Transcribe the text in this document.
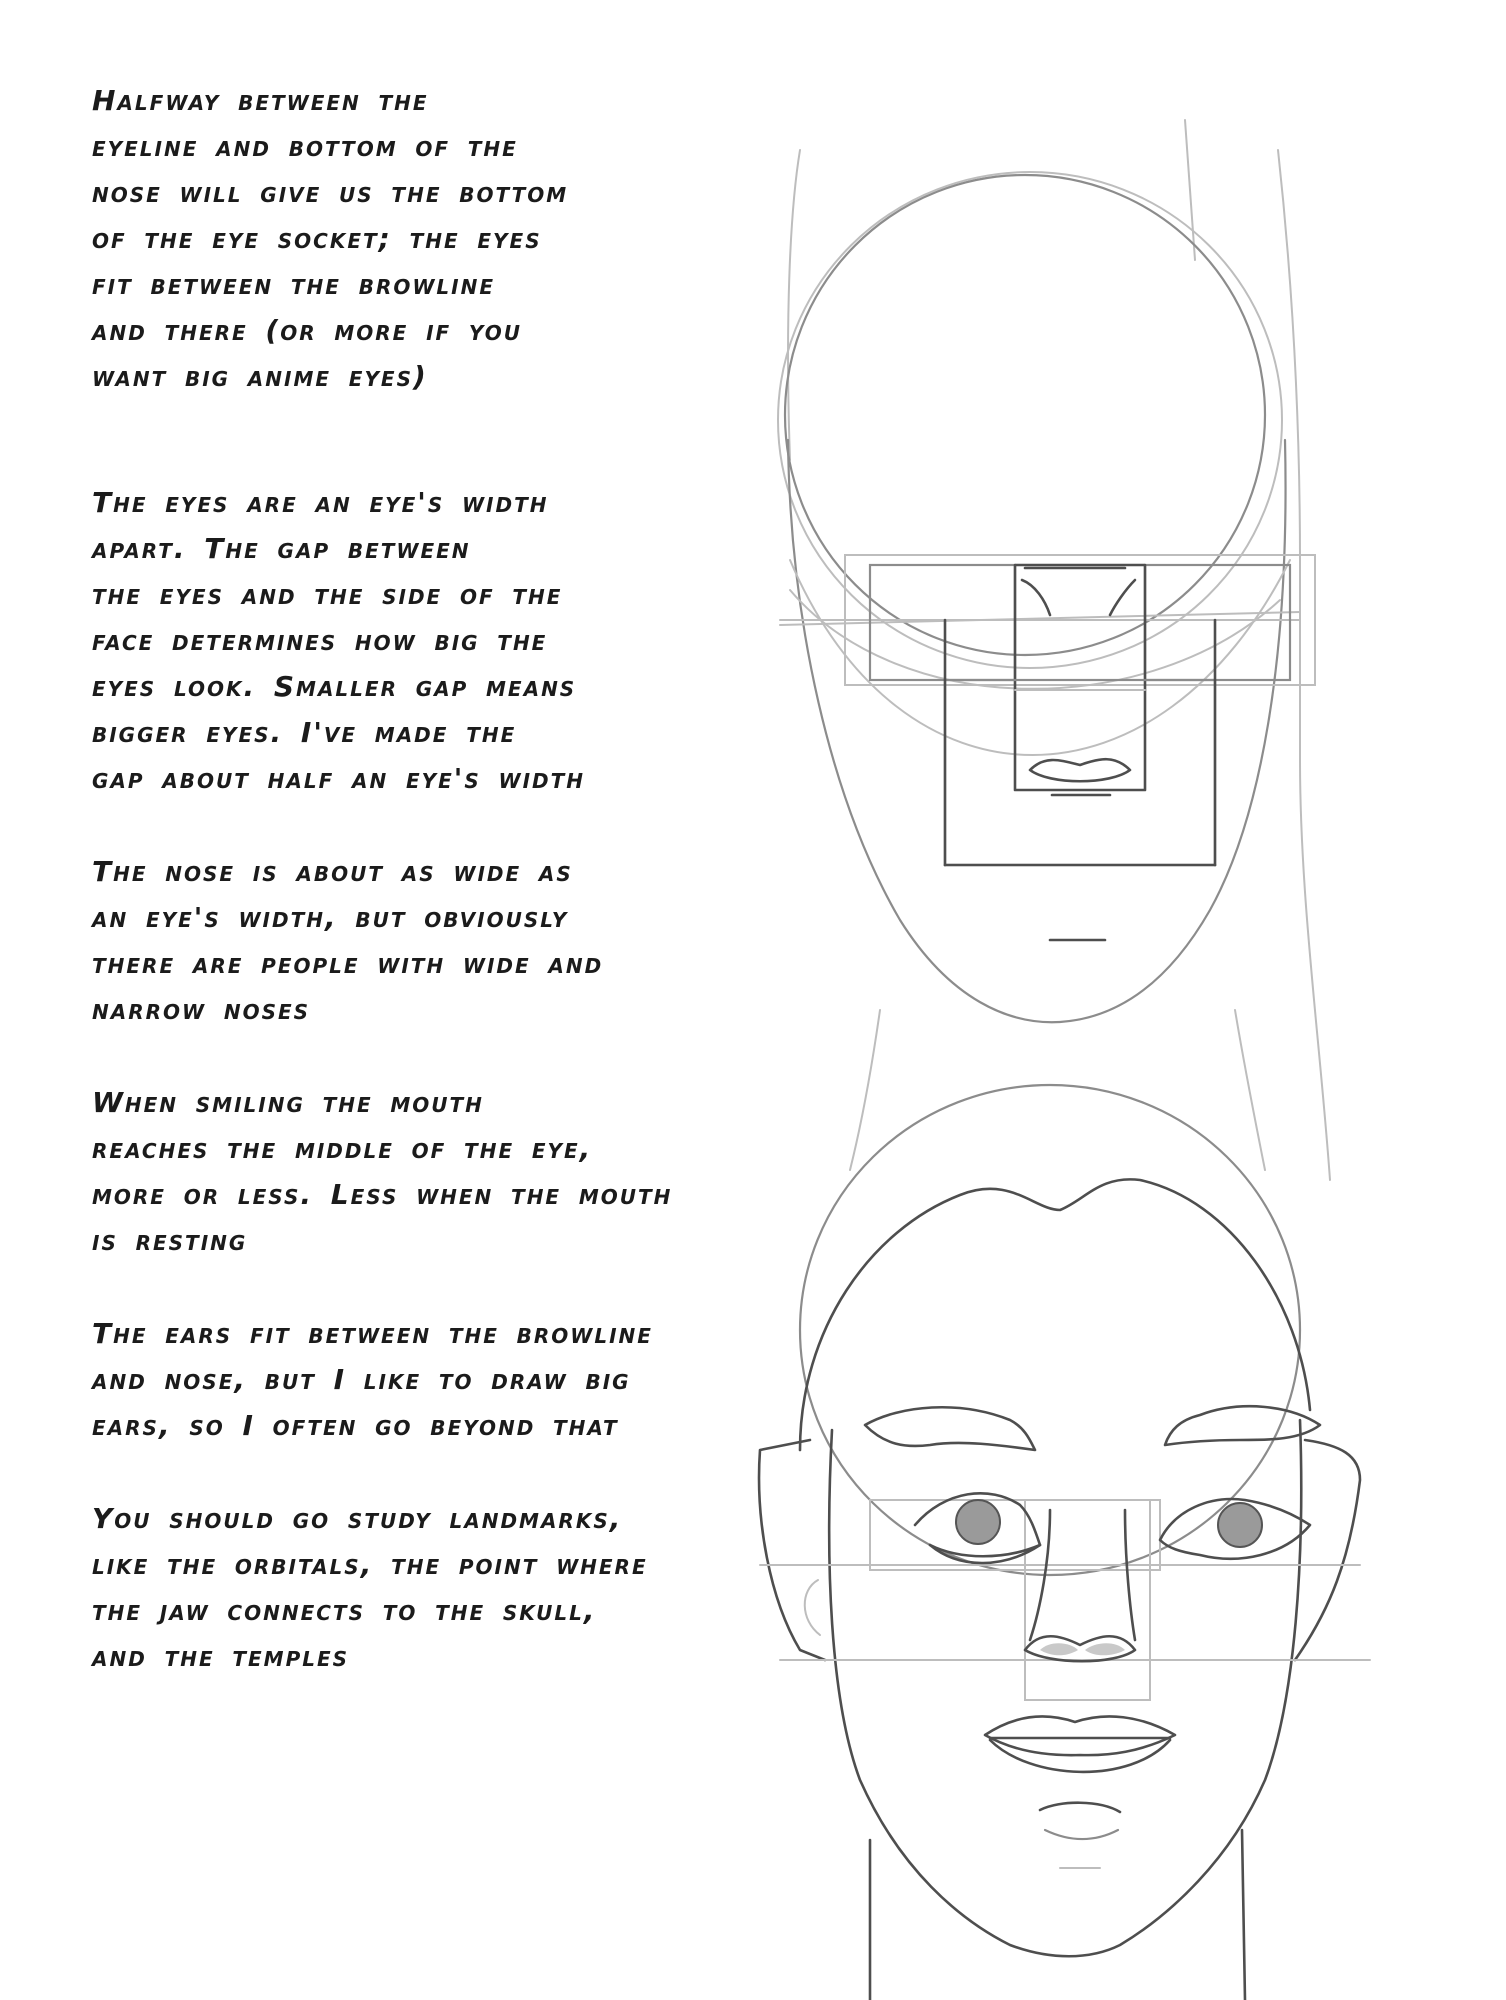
Halfway between the
eyeline and bottom of the
nose will give us the bottom
of the eye socket; the eyes
fit between the browline
and there (or more if you
want big anime eyes)

The eyes are an eye's width
apart. The gap between
the eyes and the side of the
face determines how big the
eyes look. Smaller gap means
bigger eyes. I've made the
gap about half an eye's width

The nose is about as wide as
an eye's width, but obviously
there are people with wide and
narrow noses

When smiling the mouth
reaches the middle of the eye,
more or less. Less when the mouth
is resting

The ears fit between the browline
and nose, but I like to draw big
ears, so I often go beyond that

You should go study landmarks,
like the orbitals, the point where
the jaw connects to the skull,
and the temples
